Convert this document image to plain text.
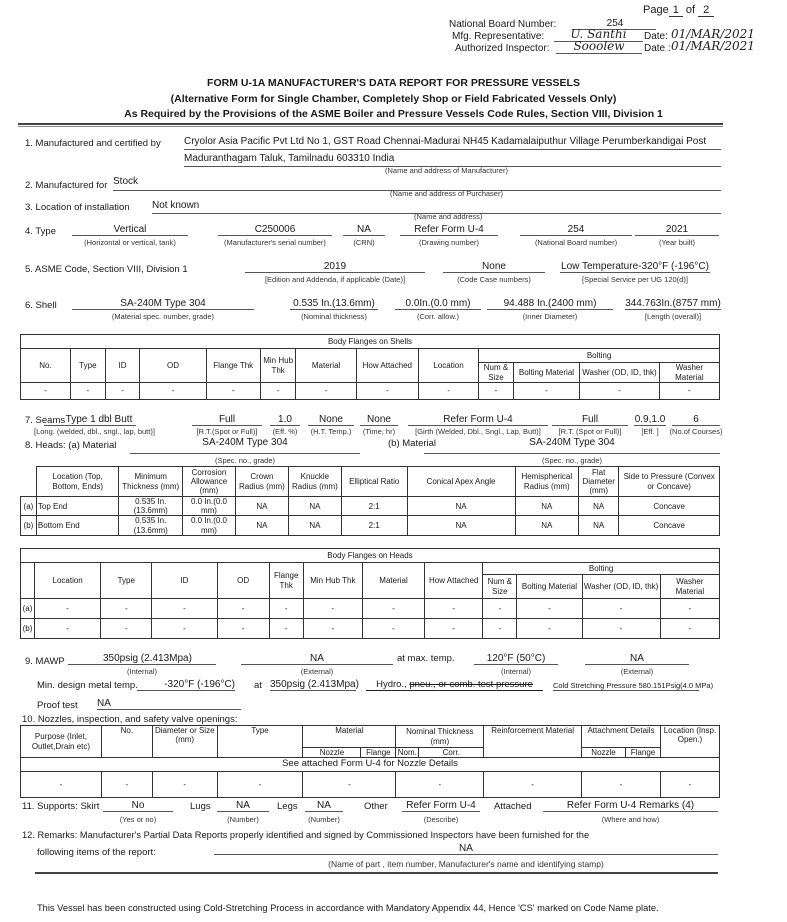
Page 1 of 2
National Board Number:	254
Mfg. Representative:	U. Santhi	Date: 01/MAR/2021
Authorized Inspector:	Sooolew	Date : 01/MAR/2021
FORM U-1A MANUFACTURER'S DATA REPORT FOR PRESSURE VESSELS
(Alternative Form for Single Chamber, Completely Shop or Field Fabricated Vessels Only)
As Required by the Provisions of the ASME Boiler and Pressure Vessels Code Rules, Section VIII, Division 1
1. Manufactured and certified by Cryolor Asia Pacific Pvt Ltd No 1, GST Road Chennai-Madurai NH45 Kadamalaiputhur Village Perumberkandigai Post
Maduranthagam Taluk, Tamilnadu 603310 India
(Name and address of Manufacturer)
2. Manufactured for Stock
(Name and address of Purchaser)
3. Location of installation Not known
(Name and address)
4. Type	Vertical
(Horizontal or vertical, tank)
C250006
(Manufacturer's serial number)
NA
(CRN)
Refer Form U-4
(Drawing number)
254
(National Board number)
2021
(Year built)
5. ASME Code, Section VIII, Division 1	2019
[Edition and Addenda, if applicable (Date)]
None
(Code Case numbers)
Low Temperature-320°F (-196°C)
[Special Service per UG 120(d)]
6. Shell	SA-240M Type 304
(Material spec. number, grade)
0.535 In.(13.6mm)
(Nominal thickness)
0.0In.(0.0 mm)
(Corr. allow.)
94.488 In.(2400 mm)
(Inner Diameter)
344.763In.(8757 mm)
[Length (overall)]
Body Flanges on Shells												
No.	Type	ID	OD	Flange Thk	Min Hub Thk	Material	How Attached	Location	Bolting			
									Num & Size	Bolting Material	Washer (OD, ID, thk)	Washer Material
-	-	-	-	-	-	-	-	-	-	-	-	-
7. Seams Type 1 dbl Butt
[Long. (welded, dbl., sngl., lap, butt)]
Full
[R.T.(Spot or Full)]
1.0
(Eff. %)
None
(H.T. Temp.)
None
(Time, hr)
Refer Form U-4
[Girth (Welded, Dbl., Sngl., Lap, Butt)]
Full
[R.T. (Spot or Full)]
0.9,1.0
[Eff. ]
6
(No.of Courses)
8. Heads: (a) Material	SA-240M Type 304
(Spec. no., grade)
(b) Material	SA-240M Type 304
(Spec. no., grade)
	Location (Top, Bottom, Ends)	Minimum Thickness (mm)	Corrosion Allowance (mm)	Crown Radius (mm)	Knuckle Radius (mm)	Elliptical Ratio	Conical Apex Angle	Hemispherical Radius (mm)	Flat Diameter (mm)	Side to Pressure (Convex or Concave)
(a)	Top End	0.535 In.(13.6mm)	0.0 In.(0.0 mm)	NA	NA	2:1	NA	NA	NA	Concave
(b)	Bottom End	0.535 In.(13.6mm)	0.0 In.(0.0 mm)	NA	NA	2:1	NA	NA	NA	Concave
Body Flanges on Heads												
	Location	Type	ID	OD	Flange Thk	Min Hub Thk	Material	How Attached	Bolting			
									Num & Size	Bolting Material	Washer (OD, ID, thk)	Washer Material
(a)	-	-	-	-	-	-	-	-	-	-	-	-
(b)	-	-	-	-	-	-	-	-	-	-	-	-
9. MAWP	350psig (2.413Mpa)
(Internal)
NA
(External)
at max. temp.	120°F (50°C)
(Internal)
NA
(External)
Min. design metal temp.	-320°F (-196°C) at 350psig (2.413Mpa)	Hydro., pneu., or comb. test pressure	Cold Stretching Pressure 580.151Psig(4.0 MPa)
Proof test NA
10. Nozzles, inspection, and safety valve openings:
Purpose (Inlet, Outlet,Drain etc)	No.	Diameter or Size (mm)	Type	Material		Nominal Thickness (mm)		Reinforcement Material	Attachment Details		Location (Insp. Open.)
				Nozzle	Flange	Nom.	Corr.		Nozzle	Flange	
See attached Form U-4 for Nozzle Details											
-	-	-	-	-		-		-	-		-
11. Supports: Skirt	No
(Yes or no)
Lugs	NA
(Number)
Legs	NA
(Number)
Other	Refer Form U-4
(Describe)
Attached	Refer Form U-4 Remarks (4)
(Where and how)
12. Remarks: Manufacturer's Partial Data Reports properly identified and signed by Commissioned Inspectors have been furnished for the
following items of the report:	NA
(Name of part , item number, Manufacturer's name and identifying stamp)
This Vessel has been constructed using Cold-Stretching Process in accordance with Mandatory Appendix 44, Hence 'CS' marked on Code Name plate.
